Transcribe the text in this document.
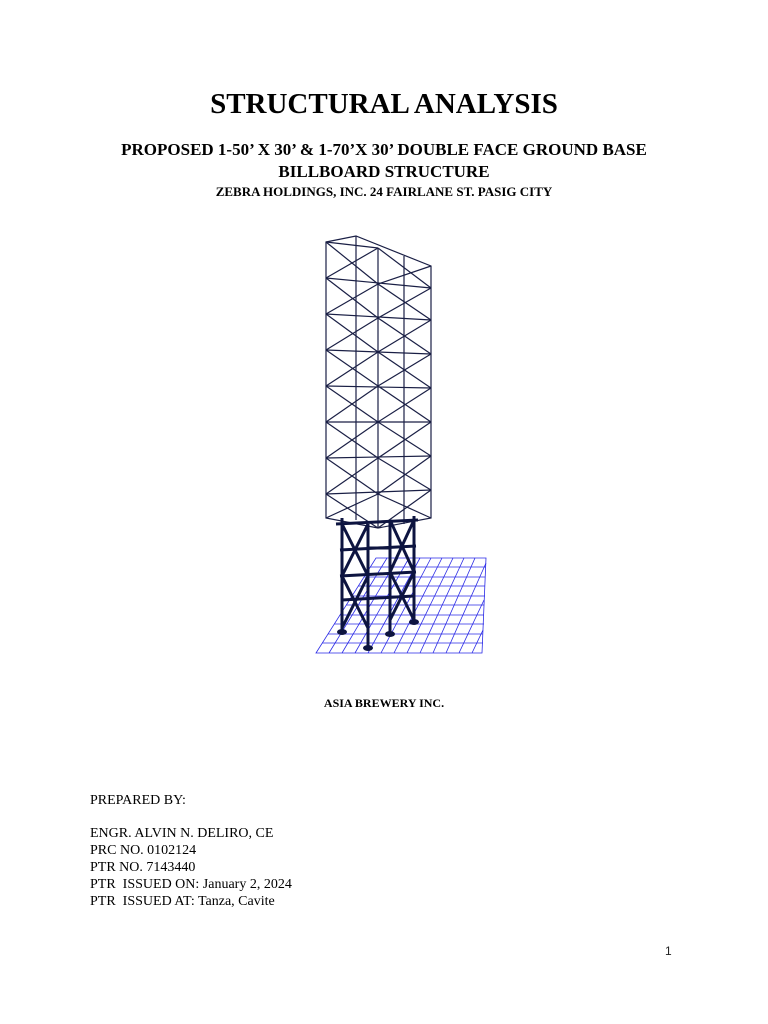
STRUCTURAL ANALYSIS
PROPOSED 1-50’ X 30’ & 1-70’X 30’ DOUBLE FACE GROUND BASE
BILLBOARD STRUCTURE
ZEBRA HOLDINGS, INC. 24 FAIRLANE ST. PASIG CITY
ASIA BREWERY INC.
PREPARED BY:
ENGR. ALVIN N. DELIRO, CE
PRC NO. 0102124
PTR NO. 7143440
PTR  ISSUED ON: January 2, 2024
PTR  ISSUED AT: Tanza, Cavite
1
